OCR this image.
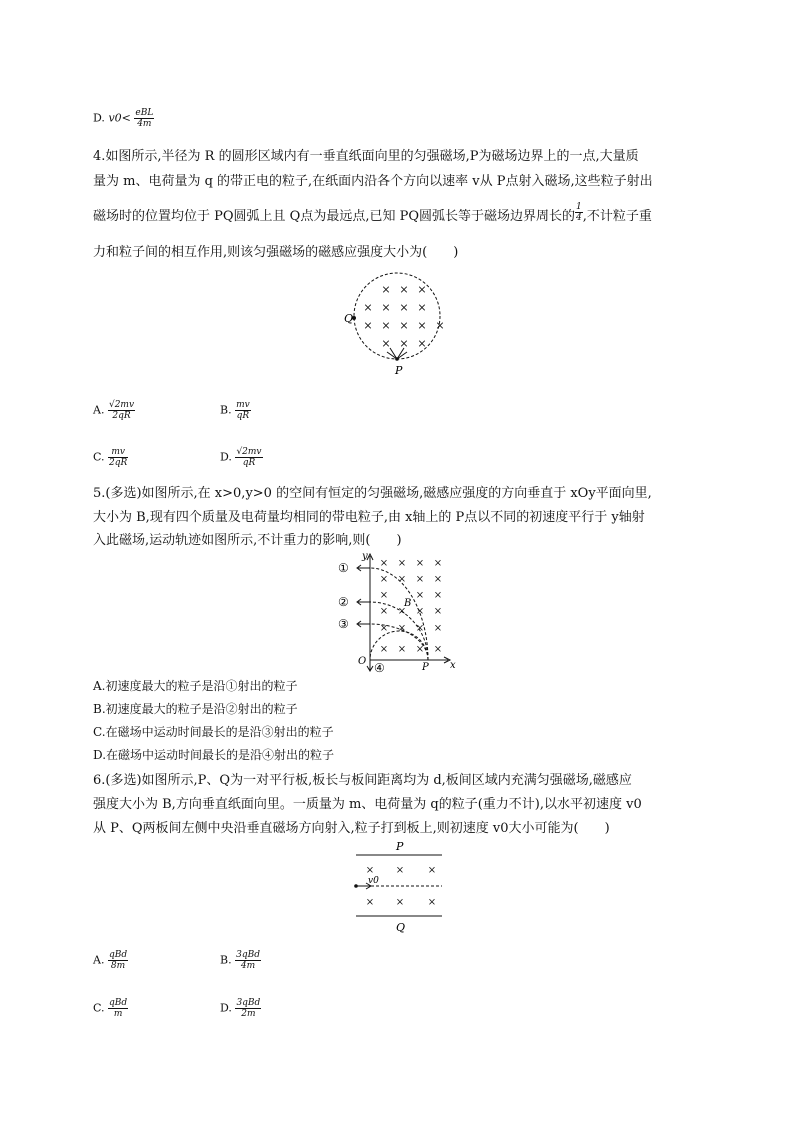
D. $v0< \frac{\text{eBL}}{4m}$
4.如图所示,半径为 R 的圆形区域内有一垂直纸面向里的匀强磁场,P为磁场边界上的一点,大量质
量为 m、电荷量为 q 的带正电的粒子,在纸面内沿各个方向以速率 v从 P点射入磁场,这些粒子射出
磁场时的位置均位于 PQ圆弧上且 Q点为最远点,已知 PQ圆弧长等于磁场边界周长的 $\frac{1}{4}$ ,不计粒子重
力和粒子间的相互作用,则该匀强磁场的磁感应强度大小为(　　)
× × ×
× × × ×
× × × × ×
× × ×
Q
P
A. $\frac{√2mv}{2qR}$	B. $\frac{mv}{qR}$
C. $\frac{mv}{2qR}$	D. $\frac{√2mv}{qR}$
5.(多选)如图所示,在 x>0,y>0 的空间有恒定的匀强磁场,磁感应强度的方向垂直于 xOy平面向里,
大小为 B,现有四个质量及电荷量均相同的带电粒子,由 x轴上的 P点以不同的初速度平行于 y轴射
入此磁场,运动轨迹如图所示,不计重力的影响,则(　　)
y
x
O
P
B
× × × ×
× × × ×
×	× ×
× × × ×
× × × ×
× × × ×
①
②
③
④
A.初速度最大的粒子是沿①射出的粒子
B.初速度最大的粒子是沿②射出的粒子
C.在磁场中运动时间最长的是沿③射出的粒子
D.在磁场中运动时间最长的是沿④射出的粒子
6.(多选)如图所示,P、Q为一对平行板,板长与板间距离均为 d,板间区域内充满匀强磁场,磁感应
强度大小为 B,方向垂直纸面向里。一质量为 m、电荷量为 q的粒子(重力不计),以水平初速度 v0
从 P、Q两板间左侧中央沿垂直磁场方向射入,粒子打到板上,则初速度 v0大小可能为(　　)
P
× × ×
× × ×
v0
Q
A. $\frac{\text{qBd}}{8m}$	B. $\frac{\text{3qBd}}{4m}$
C. $\frac{\text{qBd}}{m}$	D. $\frac{\text{3qBd}}{2m}$
